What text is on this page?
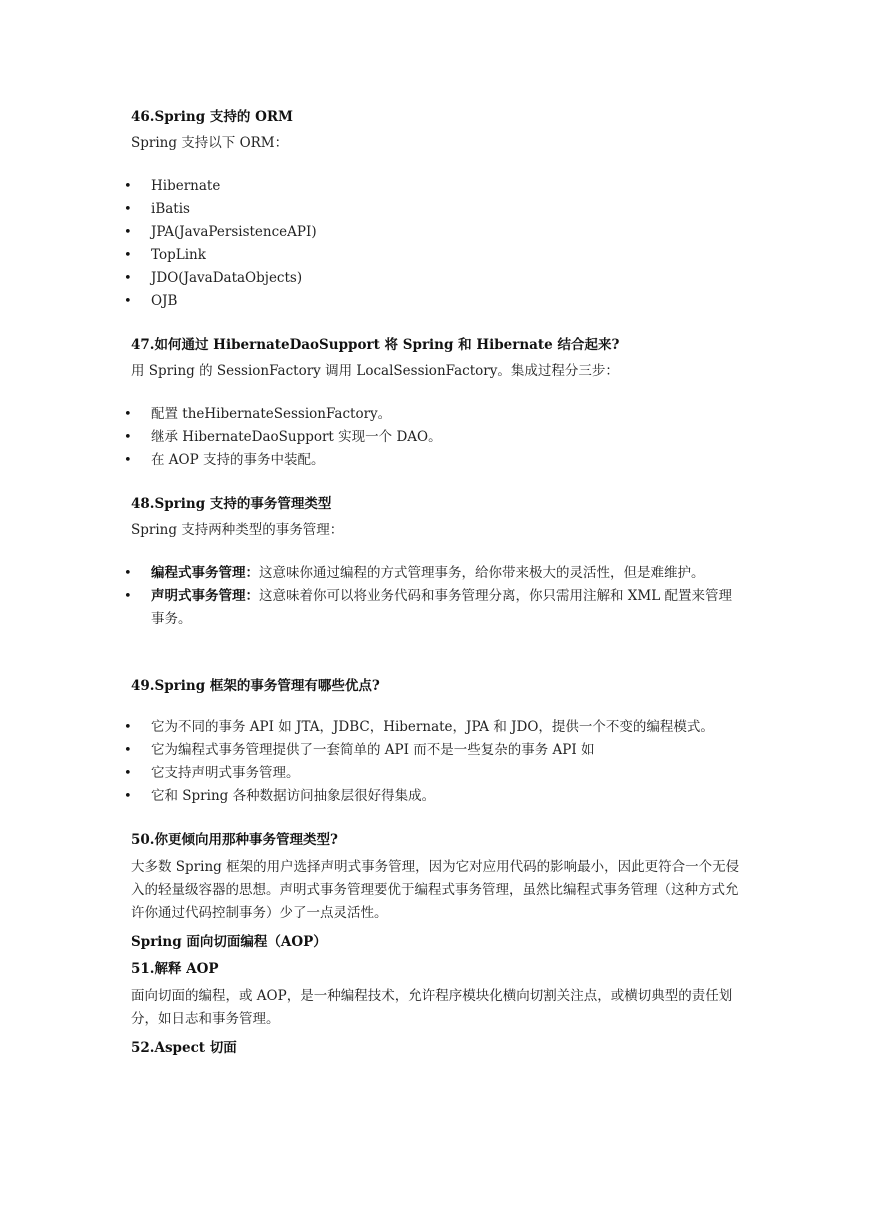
46.Spring 支持的 ORM
Spring 支持以下 ORM：
• Hibernate
• iBatis
• JPA(JavaPersistenceAPI)
• TopLink
• JDO(JavaDataObjects)
• OJB
47.如何通过 HibernateDaoSupport 将 Spring 和 Hibernate 结合起来?
用 Spring 的 SessionFactory 调用 LocalSessionFactory。集成过程分三步：
• 配置 theHibernateSessionFactory。
• 继承 HibernateDaoSupport 实现一个 DAO。
• 在 AOP 支持的事务中装配。
48.Spring 支持的事务管理类型
Spring 支持两种类型的事务管理：
• 编程式事务管理：这意味你通过编程的方式管理事务，给你带来极大的灵活性，但是难维护。
• 声明式事务管理：这意味着你可以将业务代码和事务管理分离，你只需用注解和 XML 配置来管理事务。
49.Spring 框架的事务管理有哪些优点?
• 它为不同的事务 API 如 JTA，JDBC，Hibernate，JPA 和 JDO，提供一个不变的编程模式。
• 它为编程式事务管理提供了一套简单的 API 而不是一些复杂的事务 API 如
• 它支持声明式事务管理。
• 它和 Spring 各种数据访问抽象层很好得集成。
50.你更倾向用那种事务管理类型?
大多数 Spring 框架的用户选择声明式事务管理，因为它对应用代码的影响最小，因此更符合一个无侵入的轻量级容器的思想。声明式事务管理要优于编程式事务管理，虽然比编程式事务管理（这种方式允许你通过代码控制事务）少了一点灵活性。
Spring 面向切面编程（AOP）
51.解释 AOP
面向切面的编程，或 AOP，是一种编程技术，允许程序模块化横向切割关注点，或横切典型的责任划分，如日志和事务管理。
52.Aspect 切面
